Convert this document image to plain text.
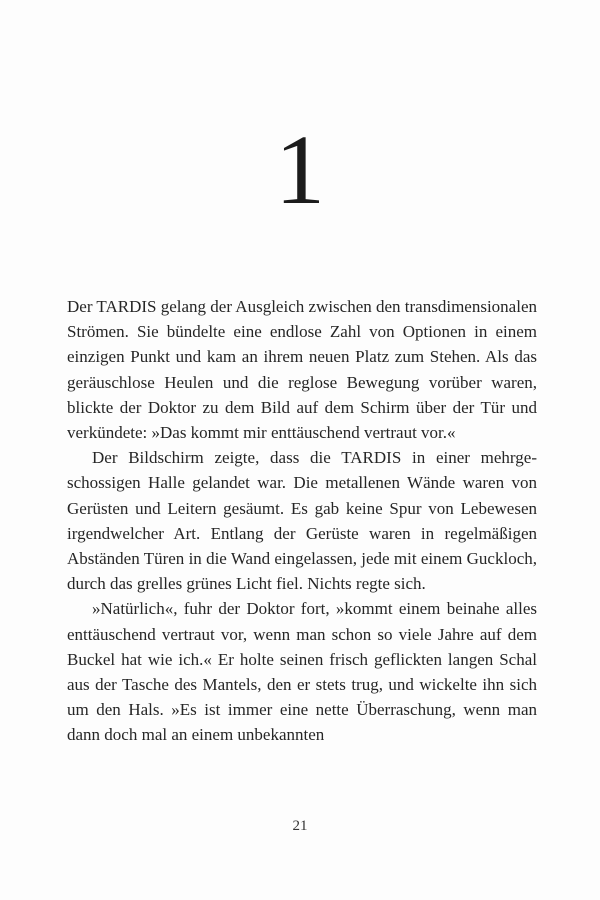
1

Der TARDIS gelang der Ausgleich zwischen den transdimensionalen Strömen. Sie bündelte eine endlose Zahl von Optionen in einem einzigen Punkt und kam an ihrem neuen Platz zum Stehen. Als das geräuschlose Heulen und die reglose Bewegung vorüber waren, blickte der Doktor zu dem Bild auf dem Schirm über der Tür und verkündete: »Das kommt mir enttäuschend vertraut vor.«

Der Bildschirm zeigte, dass die TARDIS in einer mehrgeschossigen Halle gelandet war. Die metallenen Wände waren von Gerüsten und Leitern gesäumt. Es gab keine Spur von Lebewesen irgendwelcher Art. Entlang der Gerüste waren in regelmäßigen Abständen Türen in die Wand eingelassen, jede mit einem Guckloch, durch das grelles grünes Licht fiel. Nichts regte sich.

»Natürlich«, fuhr der Doktor fort, »kommt einem beinahe alles enttäuschend vertraut vor, wenn man schon so viele Jahre auf dem Buckel hat wie ich.« Er holte seinen frisch geflickten langen Schal aus der Tasche des Mantels, den er stets trug, und wickelte ihn sich um den Hals. »Es ist immer eine nette Überraschung, wenn man dann doch mal an einem unbekannten

21
